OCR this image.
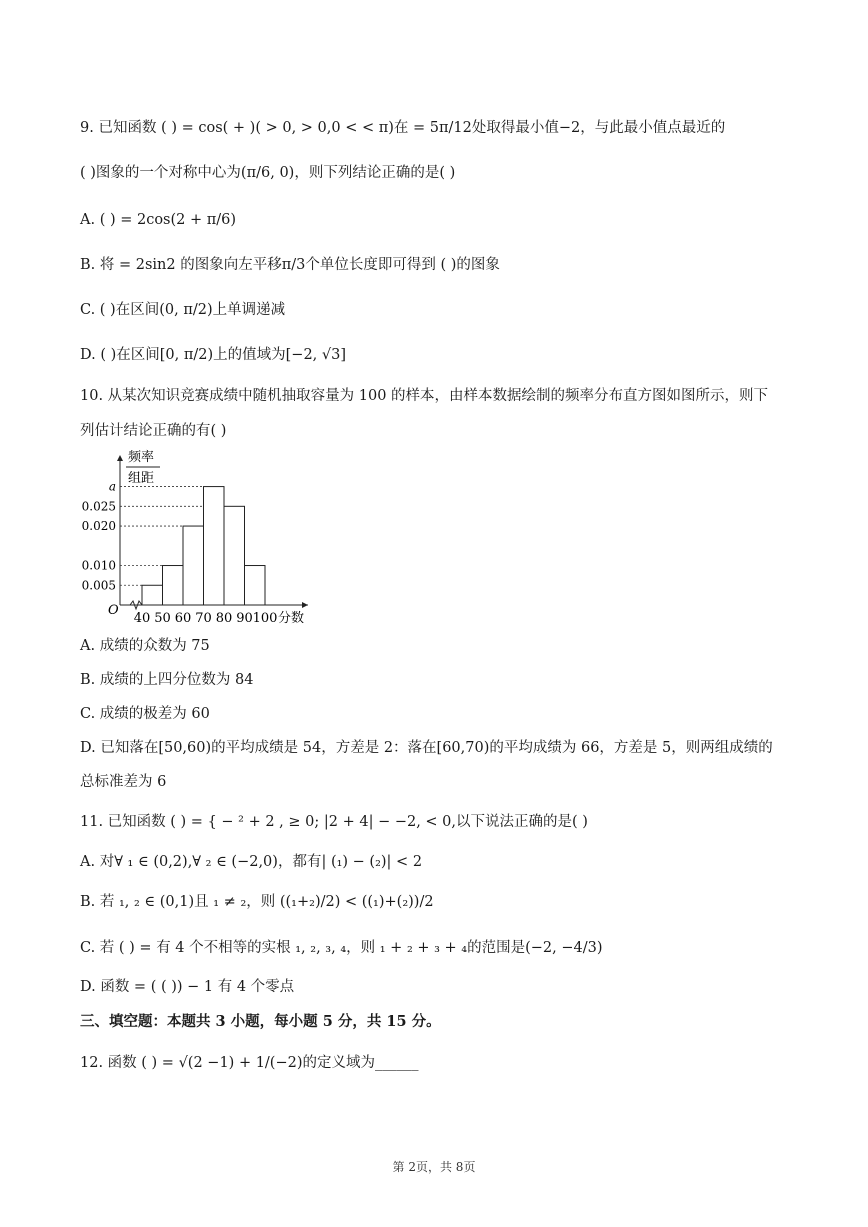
9. 已知函数 ( ) = cos( + )( > 0, > 0,0 < < π)在 = 5π/12处取得最小值−2，与此最小值点最近的
( )图象的一个对称中心为(π/6, 0)，则下列结论正确的是( )
A. ( ) = 2cos(2 + π/6)
B. 将 = 2sin2 的图象向左平移π/3个单位长度即可得到 ( )的图象
C. ( )在区间(0, π/2)上单调递减
D. ( )在区间[0, π/2)上的值域为[−2, √3]
10. 从某次知识竞赛成绩中随机抽取容量为 100 的样本，由样本数据绘制的频率分布直方图如图所示，则下
列估计结论正确的有( )
O
频率
组距
0.005
0.010
0.020
0.025
a
40 50 60 70 80 90 100 分数
A. 成绩的众数为 75
B. 成绩的上四分位数为 84
C. 成绩的极差为 60
D. 已知落在[50,60)的平均成绩是 54，方差是 2：落在[60,70)的平均成绩为 66，方差是 5，则两组成绩的
总标准差为 6
11. 已知函数 ( ) = { − ² + 2 , ≥ 0; |2 + 4| − −2, < 0,以下说法正确的是( )
A. 对∀ ₁ ∈ (0,2),∀ ₂ ∈ (−2,0)，都有| (₁) − (₂)| < 2
B. 若 ₁, ₂ ∈ (0,1)且 ₁ ≠ ₂，则 ((₁+₂)/2) < ((₁)+(₂))/2
C. 若 ( ) = 有 4 个不相等的实根 ₁, ₂, ₃, ₄，则 ₁ + ₂ + ₃ + ₄的范围是(−2, −4/3)
D. 函数 = ( ( )) − 1 有 4 个零点
三、填空题：本题共 3 小题，每小题 5 分，共 15 分。
12. 函数 ( ) = √(2 −1) + 1/(−2)的定义域为______
第 2页，共 8页
